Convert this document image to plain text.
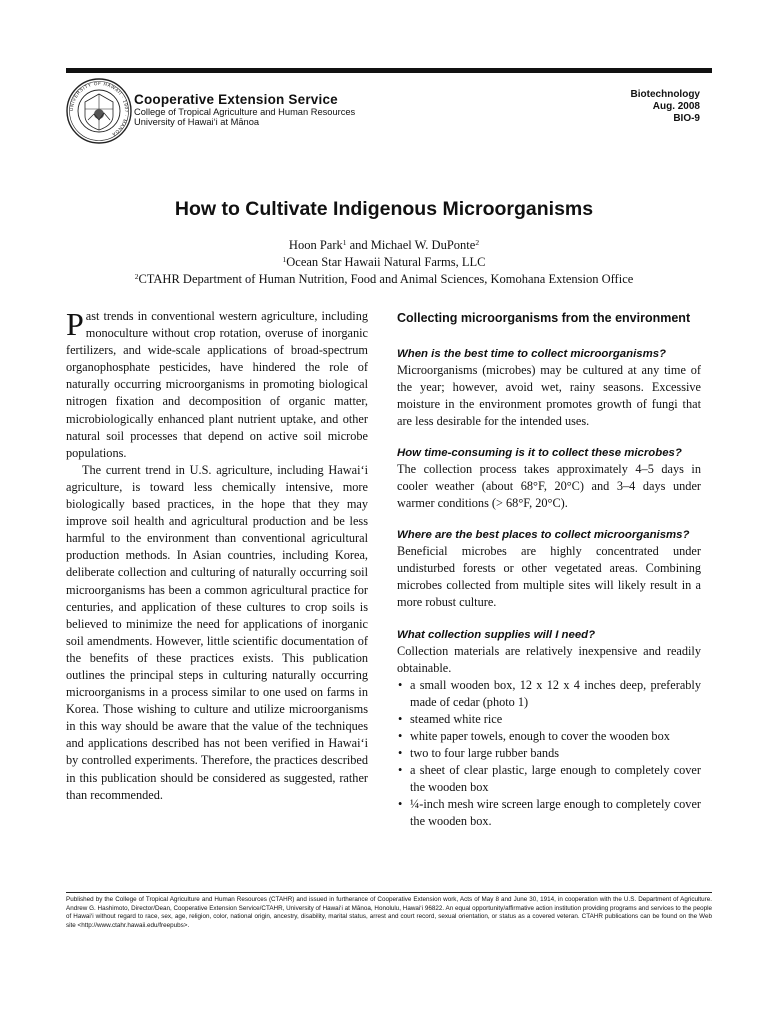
UNIVERSITY OF HAWAII · 1907 · MANOA
Cooperative Extension Service
College of Tropical Agriculture and Human Resources
University of Hawai‘i at Mānoa
Biotechnology
Aug. 2008
BIO-9
How to Cultivate Indigenous Microorganisms
Hoon Park$^1$ and Michael W. DuPonte$^2$
$^1$Ocean Star Hawaii Natural Farms, LLC
$^2$CTAHR Department of Human Nutrition, Food and Animal Sciences, Komohana Extension Office

Past trends in conventional western agriculture, including monoculture without crop rotation, overuse of inorganic fertilizers, and wide-scale applications of broad-spectrum organophosphate pesticides, have hindered the role of naturally occurring microorganisms in promoting biological nitrogen fixation and decomposition of organic matter, microbiologically enhanced plant nutrient uptake, and other natural soil processes that depend on active soil microbe populations.

The current trend in U.S. agriculture, including Hawai‘i agriculture, is toward less chemically intensive, more biologically based practices, in the hope that they may improve soil health and agricultural production and be less harmful to the environment than conventional agricultural production methods. In Asian countries, including Korea, deliberate collection and culturing of naturally occurring soil microorganisms has been a common agricultural practice for centuries, and application of these cultures to crop soils is believed to minimize the need for applications of inorganic soil amendments. However, little scientific documentation of the benefits of these practices exists. This publication outlines the principal steps in culturing naturally occurring microorganisms in a process similar to one used on farms in Korea. Those wishing to culture and utilize microorganisms in this way should be aware that the value of the techniques and applications described has not been verified in Hawai‘i by controlled experiments. Therefore, the practices described in this publication should be considered as suggested, rather than recommended.

Collecting microorganisms from the environment
When is the best time to collect microorganisms?

Microorganisms (microbes) may be cultured at any time of the year; however, avoid wet, rainy seasons. Excessive moisture in the environment promotes growth of fungi that are less desirable for the intended uses.

How time-consuming is it to collect these microbes?

The collection process takes approximately 4–5 days in cooler weather (about 68°F, 20°C) and 3–4 days under warmer conditions (> 68°F, 20°C).

Where are the best places to collect microorganisms?

Beneficial microbes are highly concentrated under undisturbed forests or other vegetated areas. Combining microbes collected from multiple sites will likely result in a more robust culture.

What collection supplies will I need?

Collection materials are relatively inexpensive and readily obtainable.

• a small wooden box, 12 x 12 x 4 inches deep, preferably made of cedar (photo 1)
• steamed white rice
• white paper towels, enough to cover the wooden box
• two to four large rubber bands
• a sheet of clear plastic, large enough to completely cover the wooden box
• ¼-inch mesh wire screen large enough to completely cover the wooden box.
Published by the College of Tropical Agriculture and Human Resources (CTAHR) and issued in furtherance of Cooperative Extension work, Acts of May 8 and June 30, 1914, in cooperation with the U.S. Department of Agriculture. Andrew G. Hashimoto, Director/Dean, Cooperative Extension Service/CTAHR, University of Hawai‘i at Mānoa, Honolulu, Hawai‘i 96822. An equal opportunity/affirmative action institution providing programs and services to the people of Hawai‘i without regard to race, sex, age, religion, color, national origin, ancestry, disability, marital status, arrest and court record, sexual orientation, or status as a covered veteran. CTAHR publications can be found on the Web site <http://www.ctahr.hawaii.edu/freepubs>.
